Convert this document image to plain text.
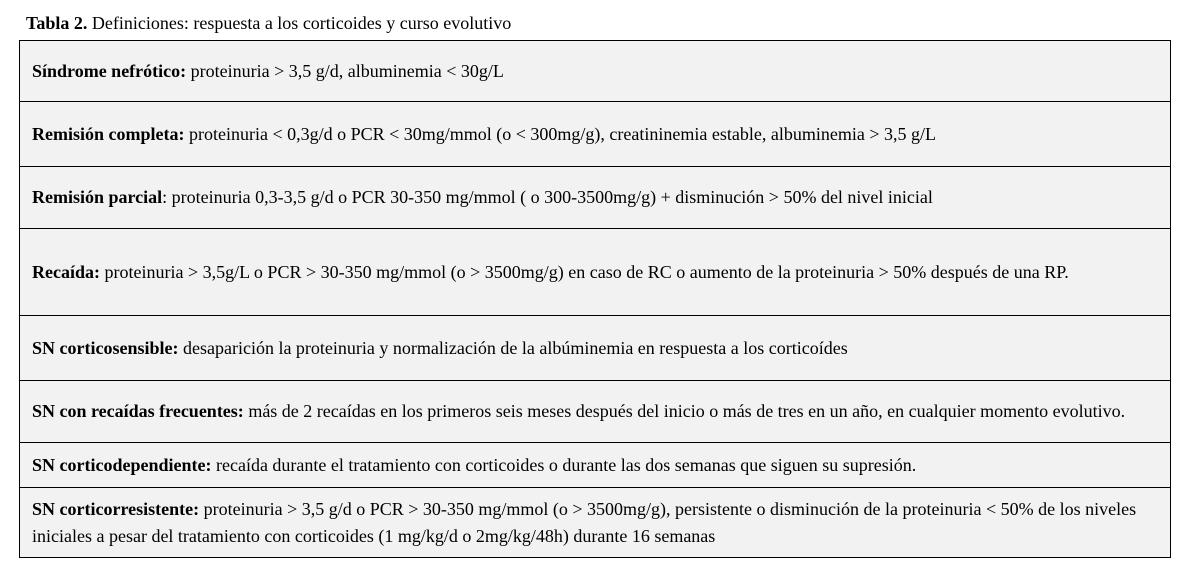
Tabla 2. Definiciones: respuesta a los corticoides y curso evolutivo
Síndrome nefrótico: proteinuria > 3,5 g/d, albuminemia < 30g/L
Remisión completa: proteinuria < 0,3g/d o PCR < 30mg/mmol (o < 300mg/g), creatininemia estable, albuminemia > 3,5 g/L
Remisión parcial: proteinuria 0,3-3,5 g/d o PCR 30-350 mg/mmol ( o 300-3500mg/g) + disminución > 50% del nivel inicial
Recaída: proteinuria > 3,5g/L o PCR > 30-350 mg/mmol (o > 3500mg/g) en caso de RC o aumento de la proteinuria > 50% después de una RP.
SN corticosensible: desaparición la proteinuria y normalización de la albúminemia en respuesta a los corticoídes
SN con recaídas frecuentes: más de 2 recaídas en los primeros seis meses después del inicio o más de tres en un año, en cualquier momento evolutivo.
SN corticodependiente: recaída durante el tratamiento con corticoides o durante las dos semanas que siguen su supresión.
SN corticorresistente: proteinuria > 3,5 g/d o PCR > 30-350 mg/mmol (o > 3500mg/g), persistente o disminución de la proteinuria < 50% de los niveles iniciales a pesar del tratamiento con corticoides (1 mg/kg/d o 2mg/kg/48h) durante 16 semanas
